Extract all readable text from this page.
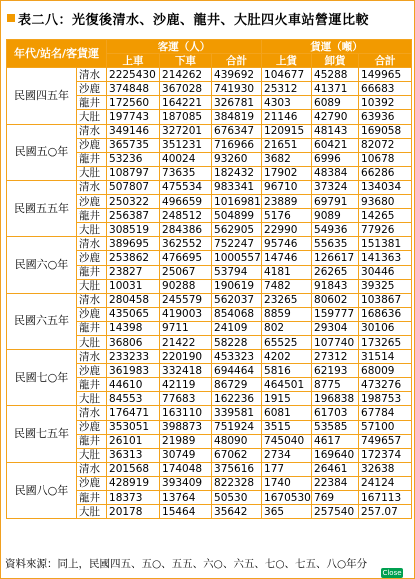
表二八：光復後清水、沙鹿、龍井、大肚四火車站營運比較
年代/站名/客貨運		客運（人）			貨運（噸）		
		上車	下車	合計	上貨	卸貨	合計
民國四五年	清水	2225430	214262	439692	104677	45288	149965
	沙鹿	374848	367028	741930	25312	41371	66683
	龍井	172560	164221	326781	4303	6089	10392
	大肚	197743	187085	384819	21146	42790	63936
民國五○年	清水	349146	327201	676347	120915	48143	169058
	沙鹿	365735	351231	716966	21651	60421	82072
	龍井	53236	40024	93260	3682	6996	10678
	大肚	108797	73635	182432	17902	48384	66286
民國五五年	清水	507807	475534	983341	96710	37324	134034
	沙鹿	250322	496659	1016981	23889	69791	93680
	龍井	256387	248512	504899	5176	9089	14265
	大肚	308519	284386	562905	22990	54936	77926
民國六○年	清水	389695	362552	752247	95746	55635	151381
	沙鹿	253862	476695	1000557	14746	126617	141363
	龍井	23827	25067	53794	4181	26265	30446
	大肚	10031	90288	190619	7482	91843	39325
民國六五年	清水	280458	245579	562037	23265	80602	103867
	沙鹿	435065	419003	854068	8859	159777	168636
	龍井	14398	9711	24109	802	29304	30106
	大肚	36806	21422	58228	65525	107740	173265
民國七○年	清水	233233	220190	453323	4202	27312	31514
	沙鹿	361983	332418	694464	5816	62193	68009
	龍井	44610	42119	86729	464501	8775	473276
	大肚	84553	77683	162236	1915	196838	198753
民國七五年	清水	176471	163110	339581	6081	61703	67784
	沙鹿	353051	398873	751924	3515	53585	57100
	龍井	26101	21989	48090	745040	4617	749657
	大肚	36313	30749	67062	2734	169640	172374
民國八○年	清水	201568	174048	375616	177	26461	32638
	沙鹿	428919	393409	822328	1740	22384	24124
	龍井	18373	13764	50530	1670530	769	167113
	大肚	20178	15464	35642	365	257540	257.07
資料來源：同上，民國四五、五○、五五、六○、六五、七○、七五、八○年分
Close
